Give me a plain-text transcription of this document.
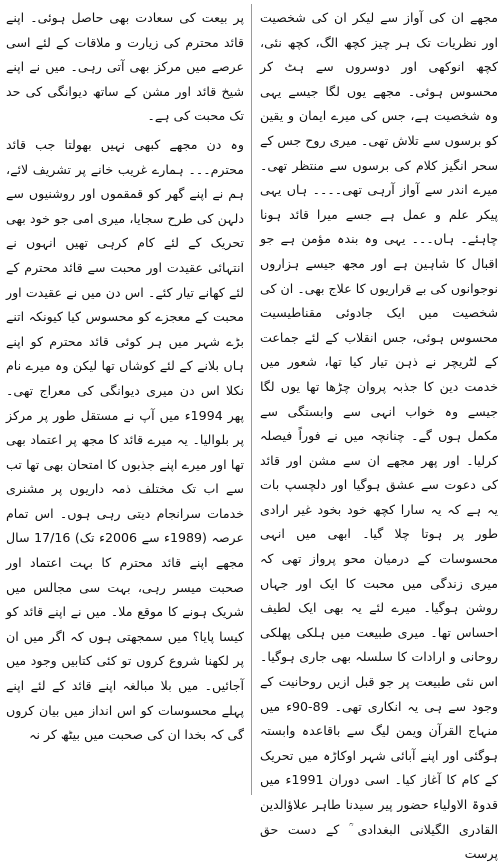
مجھے ان کی آواز سے لیکر ان کی شخصیت اور نظریات تک ہر چیز کچھ الگ، کچھ نئی، کچھ انوکھی اور دوسروں سے ہٹ کر محسوس ہوئی۔ مجھے یوں لگا جیسے یہی وہ شخصیت ہے، جس کی میرے ایمان و یقین کو برسوں سے تلاش تھی۔ میری روح جس کے سحر انگیز کلام کی برسوں سے منتظر تھی۔ میرے اندر سے آواز آرہی تھی۔۔۔۔ ہاں یہی پیکر علم و عمل ہے جسے میرا قائد ہونا چاہئے۔ ہاں۔۔۔ یہی وہ بندہ مؤمن ہے جو اقبال کا شاہین ہے اور مجھ جیسے ہزاروں نوجوانوں کی بے قراریوں کا علاج بھی۔ ان کی شخصیت میں ایک جادوئی مقناطیسیت محسوس ہوئی، جس انقلاب کے لئے جماعت کے لٹریچر نے ذہن تیار کیا تھا، شعور میں خدمت دین کا جذبہ پروان چڑھا تھا یوں لگا جیسے وہ خواب انہی سے وابستگی سے مکمل ہوں گے۔ چنانچہ میں نے فوراً فیصلہ کرلیا۔ اور پھر مجھے ان سے مشن اور قائد کی دعوت سے عشق ہوگیا اور دلچسپ بات یہ ہے کہ یہ سارا کچھ خود بخود غیر ارادی طور پر ہوتا چلا گیا۔ ابھی میں انہی محسوسات کے درمیان محو پرواز تھی کہ میری زندگی میں محبت کا ایک اور جہاں روشن ہوگیا۔ میرے لئے یہ بھی ایک لطیف احساس تھا۔ میری طبیعت میں ہلکی پھلکی روحانی و ارادات کا سلسلہ بھی جاری ہوگیا۔ اس نئی طبیعت پر جو قبل ازیں روحانیت کے وجود سے ہی یہ انکاری تھی۔ 89-90ء میں منہاج القرآن ویمن لیگ سے باقاعدہ وابستہ ہوگئی اور اپنے آبائی شہر اوکاڑہ میں تحریک کے کام کا آغاز کیا۔ اسی دوران 1991ء میں قدوۃ الاولیاء حضور پیر سیدنا طاہر علاؤالدین القادری الگیلانی البغدادی ؒ کے دست حق پرست

پر بیعت کی سعادت بھی حاصل ہوئی۔ اپنے قائد محترم کی زیارت و ملاقات کے لئے اسی عرصے میں مرکز بھی آتی رہی۔ میں نے اپنے شیخ قائد اور مشن کے ساتھ دیوانگی کی حد تک محبت کی ہے۔

وہ دن مجھے کبھی نہیں بھولتا جب قائد محترم۔۔۔ ہمارے غریب خانے پر تشریف لائے، ہم نے اپنے گھر کو قمقموں اور روشنیوں سے دلہن کی طرح سجایا، میری امی جو خود بھی تحریک کے لئے کام کرہی تھیں انہوں نے انتہائی عقیدت اور محبت سے قائد محترم کے لئے کھانے تیار کئے۔ اس دن میں نے عقیدت اور محبت کے معجزے کو محسوس کیا کیونکہ اتنے بڑے شہر میں ہر کوئی قائد محترم کو اپنے ہاں بلانے کے لئے کوشاں تھا لیکن وہ میرے نام نکلا اس دن میری دیوانگی کی معراج تھی۔ پھر 1994ء میں آپ نے مستقل طور پر مرکز پر بلوالیا۔ یہ میرے قائد کا مجھ پر اعتماد بھی تھا اور میرے اپنے جذبوں کا امتحان بھی تھا تب سے اب تک مختلف ذمہ داریوں پر مشنری خدمات سرانجام دیتی رہی ہوں۔ اس تمام عرصہ (1989ء سے 2006ء تک) 17/16 سال مجھے اپنے قائد محترم کا بہت اعتماد اور صحبت میسر رہی، بہت سی مجالس میں شریک ہونے کا موقع ملا۔ میں نے اپنے قائد کو کیسا پایا؟ میں سمجھتی ہوں کہ اگر میں ان پر لکھنا شروع کروں تو کئی کتابیں وجود میں آجائیں۔ میں بلا مبالغہ اپنے قائد کے لئے اپنے پہلے محسوسات کو اس انداز میں بیان کروں گی کہ بخدا ان کی صحبت میں بیٹھ کر نہ
